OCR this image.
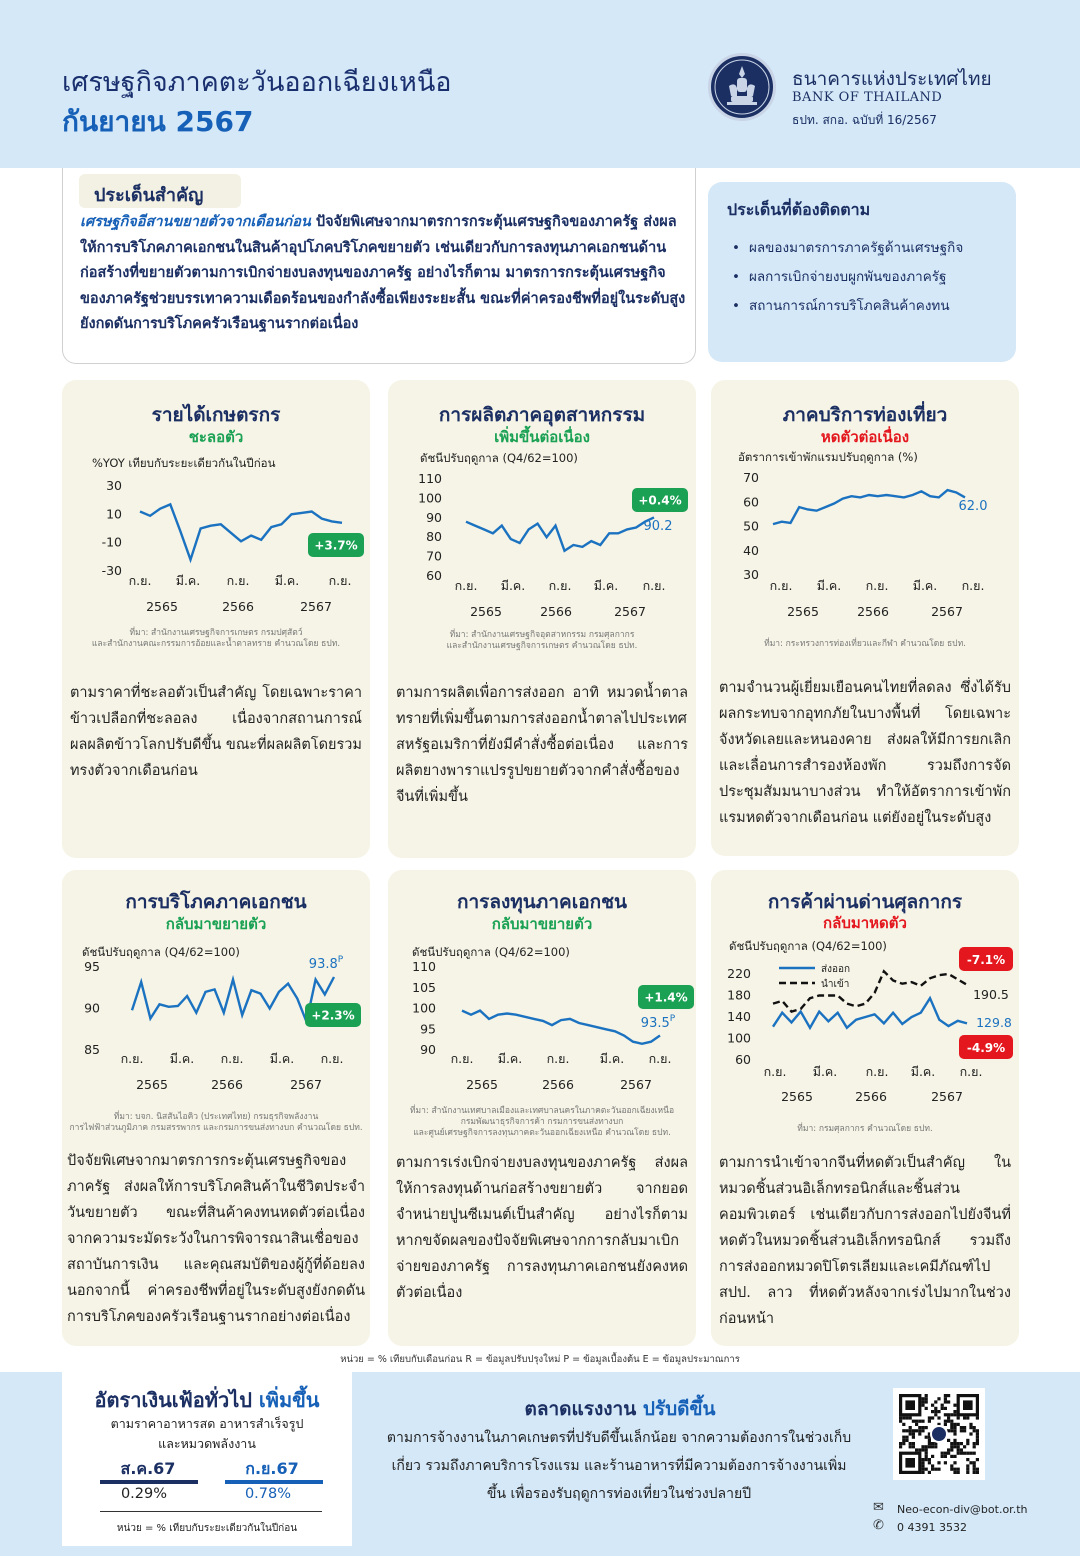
เศรษฐกิจภาคตะวันออกเฉียงเหนือ
กันยายน 2567
ธนาคารแห่งประเทศไทย
BANK OF THAILAND
ธปท. สกอ. ฉบับที่ 16/2567
ประเด็นสำคัญ
เศรษฐกิจอีสานขยายตัวจากเดือนก่อน ปัจจัยพิเศษจากมาตรการกระตุ้นเศรษฐกิจของภาครัฐ ส่งผลให้การบริโภคภาคเอกชนในสินค้าอุปโภคบริโภคขยายตัว เช่นเดียวกับการลงทุนภาคเอกชนด้านก่อสร้างที่ขยายตัวตามการเบิกจ่ายงบลงทุนของภาครัฐ อย่างไรก็ตาม มาตรการกระตุ้นเศรษฐกิจของภาครัฐช่วยบรรเทาความเดือดร้อนของกำลังซื้อเพียงระยะสั้น ขณะที่ค่าครองชีพที่อยู่ในระดับสูงยังกดดันการบริโภคครัวเรือนฐานรากต่อเนื่อง
ประเด็นที่ต้องติดตาม
• ผลของมาตรการภาครัฐด้านเศรษฐกิจ
• ผลการเบิกจ่ายงบผูกพันของภาครัฐ
• สถานการณ์การบริโภคสินค้าคงทน
รายได้เกษตรกร
ชะลอตัว
%YOY เทียบกับระยะเดียวกันในปีก่อน
30
10
-10
-30
ก.ย. มี.ค. ก.ย. มี.ค. ก.ย.
2565	2566	2567
+3.7%
ที่มา: สำนักงานเศรษฐกิจการเกษตร กรมปศุสัตว์
และสำนักงานคณะกรรมการอ้อยและน้ำตาลทราย คำนวณโดย ธปท.
ตามราคาที่ชะลอตัวเป็นสำคัญ โดยเฉพาะราคาข้าวเปลือกที่ชะลอลง เนื่องจากสถานการณ์ผลผลิตข้าวโลกปรับดีขึ้น ขณะที่ผลผลิตโดยรวมทรงตัวจากเดือนก่อน
การผลิตภาคอุตสาหกรรม
เพิ่มขึ้นต่อเนื่อง
ดัชนีปรับฤดูกาล (Q4/62=100)
110
100
90
80
70
60
ก.ย. มี.ค. ก.ย. มี.ค. ก.ย.
2565	2566	2567
+0.4%
90.2
ที่มา: สำนักงานเศรษฐกิจอุตสาหกรรม กรมศุลกากร
และสำนักงานเศรษฐกิจการเกษตร คำนวณโดย ธปท.
ตามการผลิตเพื่อการส่งออก อาทิ หมวดน้ำตาลทรายที่เพิ่มขึ้นตามการส่งออกน้ำตาลไปประเทศสหรัฐอเมริกาที่ยังมีคำสั่งซื้อต่อเนื่อง และการผลิตยางพาราแปรรูปขยายตัวจากคำสั่งซื้อของจีนที่เพิ่มขึ้น
ภาคบริการท่องเที่ยว
หดตัวต่อเนื่อง
อัตราการเข้าพักแรมปรับฤดูกาล (%)
70
60
50
40
30
ก.ย. มี.ค. ก.ย. มี.ค. ก.ย.
2565	2566	2567
62.0
ที่มา: กระทรวงการท่องเที่ยวและกีฬา คำนวณโดย ธปท.
ตามจำนวนผู้เยี่ยมเยือนคนไทยที่ลดลง ซึ่งได้รับผลกระทบจากอุทกภัยในบางพื้นที่ โดยเฉพาะจังหวัดเลยและหนองคาย ส่งผลให้มีการยกเลิก และเลื่อนการสำรองห้องพัก รวมถึงการจัดประชุมสัมมนาบางส่วน ทำให้อัตราการเข้าพักแรมหดตัวจากเดือนก่อน แต่ยังอยู่ในระดับสูง
การบริโภคภาคเอกชน
กลับมาขยายตัว
ดัชนีปรับฤดูกาล (Q4/62=100)
95
90
85
ก.ย. มี.ค. ก.ย. มี.ค. ก.ย.
2565	2566	2567
+2.3%
$93.8^P$
ที่มา: บจก. นิสสันไอคิว (ประเทศไทย) กรมธุรกิจพลังงาน
การไฟฟ้าส่วนภูมิภาค กรมสรรพากร และกรมการขนส่งทางบก คำนวณโดย ธปท.
ปัจจัยพิเศษจากมาตรการกระตุ้นเศรษฐกิจของภาครัฐ ส่งผลให้การบริโภคสินค้าในชีวิตประจำวันขยายตัว ขณะที่สินค้าคงทนหดตัวต่อเนื่อง จากความระมัดระวังในการพิจารณาสินเชื่อของสถาบันการเงิน และคุณสมบัติของผู้กู้ที่ด้อยลง นอกจากนี้ ค่าครองชีพที่อยู่ในระดับสูงยังกดดันการบริโภคของครัวเรือนฐานรากอย่างต่อเนื่อง
การลงทุนภาคเอกชน
กลับมาขยายตัว
ดัชนีปรับฤดูกาล (Q4/62=100)
110
105
100
95
90
ก.ย. มี.ค. ก.ย. มี.ค. ก.ย.
2565	2566	2567
+1.4%
$93.5^P$
ที่มา: สำนักงานเทศบาลเมืองและเทศบาลนครในภาคตะวันออกเฉียงเหนือ
กรมพัฒนาธุรกิจการค้า กรมการขนส่งทางบก
และศูนย์เศรษฐกิจการลงทุนภาคตะวันออกเฉียงเหนือ คำนวณโดย ธปท.
ตามการเร่งเบิกจ่ายงบลงทุนของภาครัฐ ส่งผลให้การลงทุนด้านก่อสร้างขยายตัว จากยอดจำหน่ายปูนซีเมนต์เป็นสำคัญ อย่างไรก็ตาม หากขจัดผลของปัจจัยพิเศษจากการกลับมาเบิกจ่ายของภาครัฐ การลงทุนภาคเอกชนยังคงหดตัวต่อเนื่อง
การค้าผ่านด่านศุลกากร
กลับมาหดตัว
ดัชนีปรับฤดูกาล (Q4/62=100)
220
180
140
100
60
ก.ย. มี.ค. ก.ย. มี.ค. ก.ย.
2565	2566	2567
ส่งออก
นำเข้า
-7.1%
190.5
129.8
-4.9%
ที่มา: กรมศุลกากร คำนวณโดย ธปท.
ตามการนำเข้าจากจีนที่หดตัวเป็นสำคัญ ในหมวดชิ้นส่วนอิเล็กทรอนิกส์และชิ้นส่วนคอมพิวเตอร์ เช่นเดียวกับการส่งออกไปยังจีนที่หดตัวในหมวดชิ้นส่วนอิเล็กทรอนิกส์ รวมถึงการส่งออกหมวดปิโตรเลียมและเคมีภัณฑ์ไป สปป. ลาว ที่หดตัวหลังจากเร่งไปมากในช่วงก่อนหน้า
หน่วย = % เทียบกับเดือนก่อน R = ข้อมูลปรับปรุงใหม่ P = ข้อมูลเบื้องต้น E = ข้อมูลประมาณการ
อัตราเงินเฟ้อทั่วไป เพิ่มขึ้น
ตามราคาอาหารสด อาหารสำเร็จรูป
และหมวดพลังงาน
ส.ค.67	ก.ย.67
0.29%	0.78%
หน่วย = % เทียบกับระยะเดียวกันในปีก่อน
ตลาดแรงงาน ปรับดีขึ้น
ตามการจ้างงานในภาคเกษตรที่ปรับดีขึ้นเล็กน้อย จากความต้องการในช่วงเก็บเกี่ยว รวมถึงภาคบริการโรงแรม และร้านอาหารที่มีความต้องการจ้างงานเพิ่มขึ้น เพื่อรองรับฤดูการท่องเที่ยวในช่วงปลายปี
✉ Neo-econ-div@bot.or.th
✆ 0 4391 3532
